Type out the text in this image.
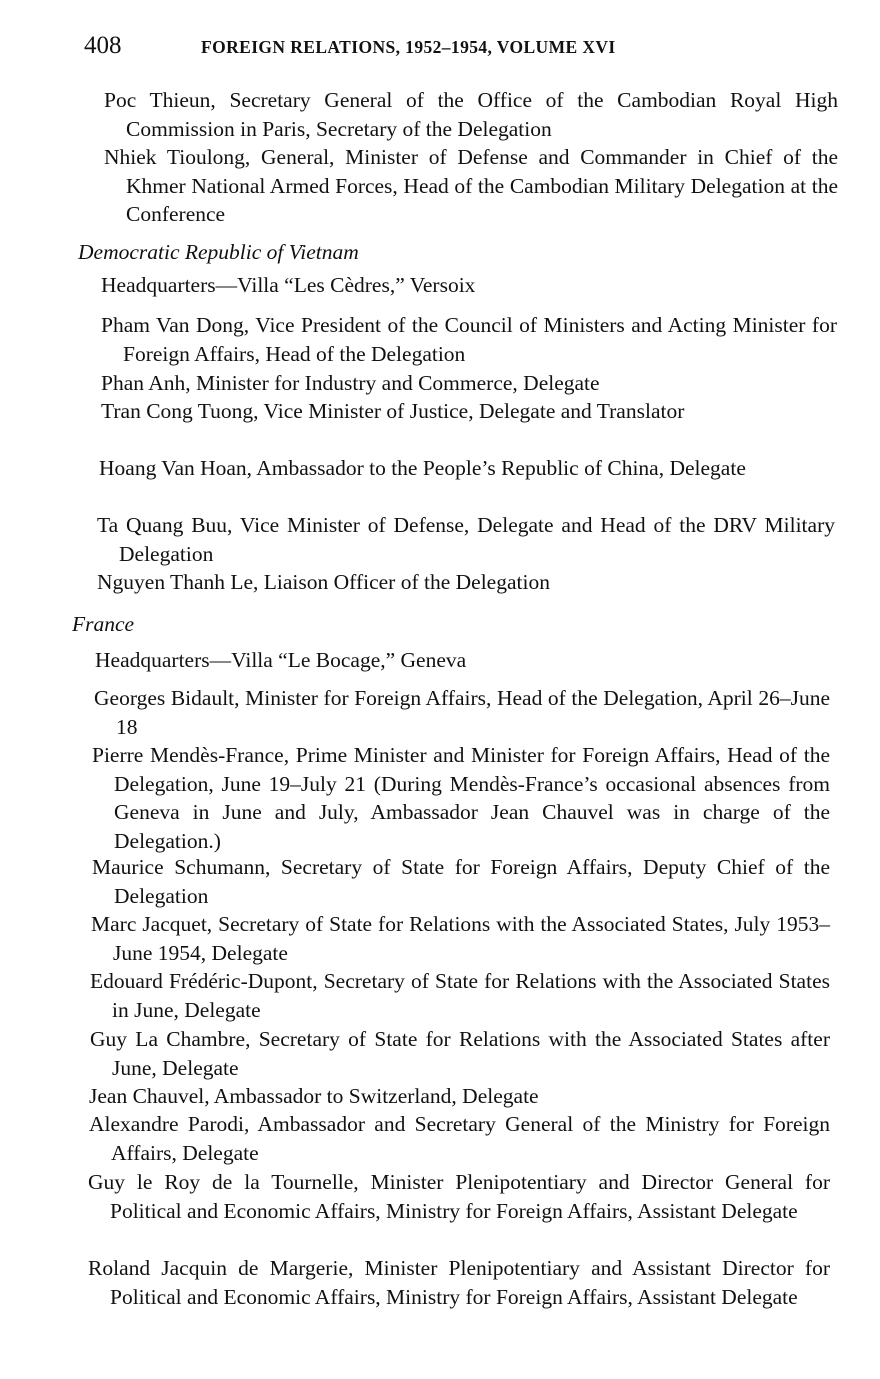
408	FOREIGN RELATIONS, 1952–1954, VOLUME XVI

Poc Thieun, Secretary General of the Office of the Cambodian Royal High Commission in Paris, Secretary of the Delegation

Nhiek Tioulong, General, Minister of Defense and Commander in Chief of the Khmer National Armed Forces, Head of the Cambodian Military Delegation at the Conference

Democratic Republic of Vietnam
Headquarters—Villa “Les Cèdres,” Versoix

Pham Van Dong, Vice President of the Council of Ministers and Acting Minister for Foreign Affairs, Head of the Delegation

Phan Anh, Minister for Industry and Commerce, Delegate

Tran Cong Tuong, Vice Minister of Justice, Delegate and Translator

Hoang Van Hoan, Ambassador to the People’s Republic of China, Delegate

Ta Quang Buu, Vice Minister of Defense, Delegate and Head of the DRV Military Delegation

Nguyen Thanh Le, Liaison Officer of the Delegation

France
Headquarters—Villa “Le Bocage,” Geneva

Georges Bidault, Minister for Foreign Affairs, Head of the Delegation, April 26–June 18

Pierre Mendès-France, Prime Minister and Minister for Foreign Affairs, Head of the Delegation, June 19–July 21 (During Mendès-France’s occasional absences from Geneva in June and July, Ambassador Jean Chauvel was in charge of the Delegation.)

Maurice Schumann, Secretary of State for Foreign Affairs, Deputy Chief of the Delegation

Marc Jacquet, Secretary of State for Relations with the Associated States, July 1953–June 1954, Delegate

Edouard Frédéric-Dupont, Secretary of State for Relations with the Associated States in June, Delegate

Guy La Chambre, Secretary of State for Relations with the Associated States after June, Delegate

Jean Chauvel, Ambassador to Switzerland, Delegate

Alexandre Parodi, Ambassador and Secretary General of the Ministry for Foreign Affairs, Delegate

Guy le Roy de la Tournelle, Minister Plenipotentiary and Director General for Political and Economic Affairs, Ministry for Foreign Affairs, Assistant Delegate

Roland Jacquin de Margerie, Minister Plenipotentiary and Assistant Director for Political and Economic Affairs, Ministry for Foreign Affairs, Assistant Delegate
